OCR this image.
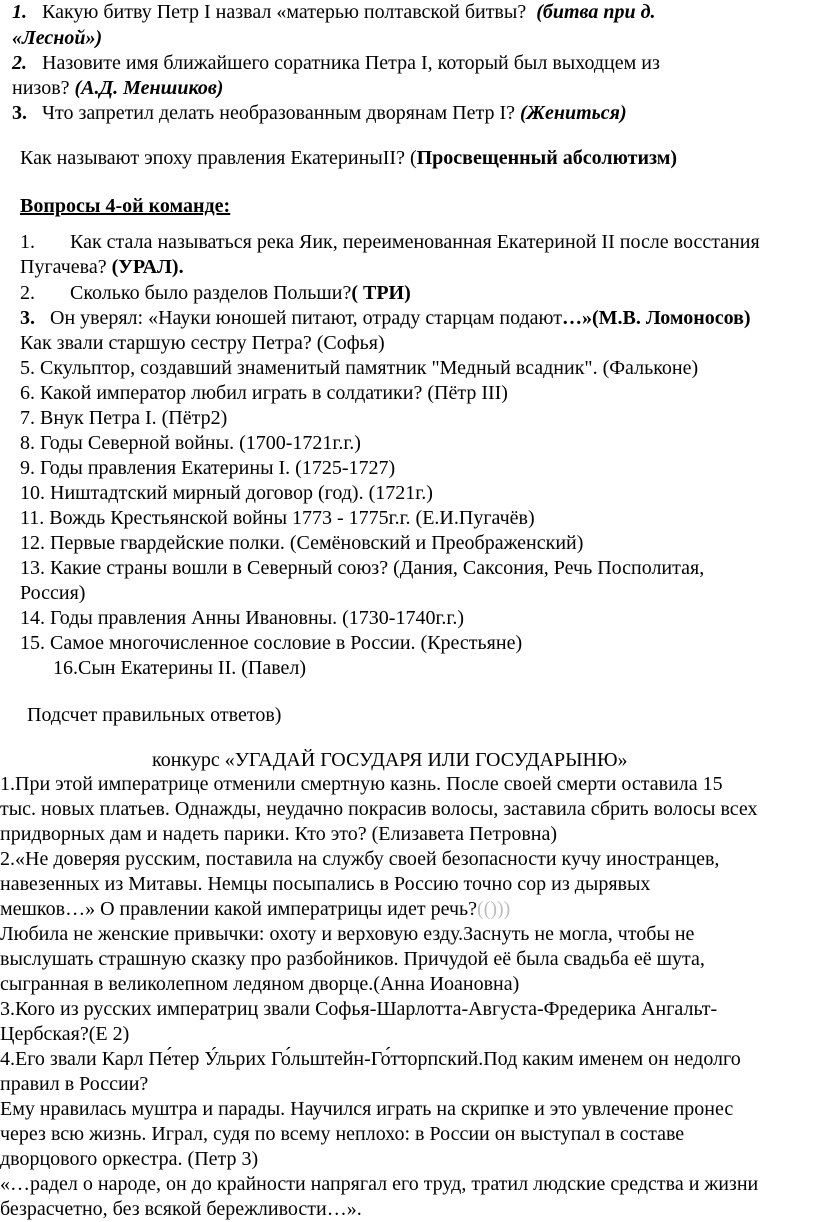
1. Какую битву Петр I назвал «матерью полтавской битвы? (битва при д.
«Лесной»)
2. Назовите имя ближайшего соратника Петра I, который был выходцем из
низов? (А.Д. Меншиков)
3. Что запретил делать необразованным дворянам Петр I? (Жениться)
Как называют эпоху правления ЕкатериныII? (Просвещенный абсолютизм)
Вопросы 4-ой команде:
1. Как стала называться река Яик, переименованная Екатериной II после восстания
Пугачева? (УРАЛ).
2. Сколько было разделов Польши?( ТРИ)
3. Он уверял: «Науки юношей питают, отраду старцам подают…»(М.В. Ломоносов)
Как звали старшую сестру Петра? (Софья)
5. Скульптор, создавший знаменитый памятник "Медный всадник". (Фальконе)
6. Какой император любил играть в солдатики? (Пётр III)
7. Внук Петра I. (Пётр2)
8. Годы Северной войны. (1700-1721г.г.)
9. Годы правления Екатерины I. (1725-1727)
10. Ништадтский мирный договор (год). (1721г.)
11. Вождь Крестьянской войны 1773 - 1775г.г. (Е.И.Пугачёв)
12. Первые гвардейские полки. (Семёновский и Преображенский)
13. Какие страны вошли в Северный союз? (Дания, Саксония, Речь Посполитая,
Россия)
14. Годы правления Анны Ивановны. (1730-1740г.г.)
15. Самое многочисленное сословие в России. (Крестьяне)
16.Сын Екатерины II. (Павел)
Подсчет правильных ответов)
конкурс «УГАДАЙ ГОСУДАРЯ ИЛИ ГОСУДАРЫНЮ»
1.При этой императрице отменили смертную казнь. После своей смерти оставила 15
тыс. новых платьев. Однажды, неудачно покрасив волосы, заставила сбрить волосы всех
придворных дам и надеть парики. Кто это? (Елизавета Петровна)
2.«Не доверяя русским, поставила на службу своей безопасности кучу иностранцев,
навезенных из Митавы. Немцы посыпались в Россию точно сор из дырявых
мешков…» О правлении какой императрицы идет речь?(()))
Любила не женские привычки: охоту и верховую езду.Заснуть не могла, чтобы не
выслушать страшную сказку про разбойников. Причудой её была свадьба её шута,
сыгранная в великолепном ледяном дворце.(Анна Иоановна)
3.Кого из русских императриц звали Софья-Шарлотта-Августа-Фредерика Ангальт-
Цербская?(Е 2)
4.Его звали Карл Пе́тер У́льрих Го́льштейн-Го́тторпский.Под каким именем он недолго
правил в России?
Ему нравилась муштра и парады. Научился играть на скрипке и это увлечение пронес
через всю жизнь. Играл, судя по всему неплохо: в России он выступал в составе
дворцового оркестра. (Петр 3)
«…радел о народе, он до крайности напрягал его труд, тратил людские средства и жизни
безрасчетно, без всякой бережливости…».
